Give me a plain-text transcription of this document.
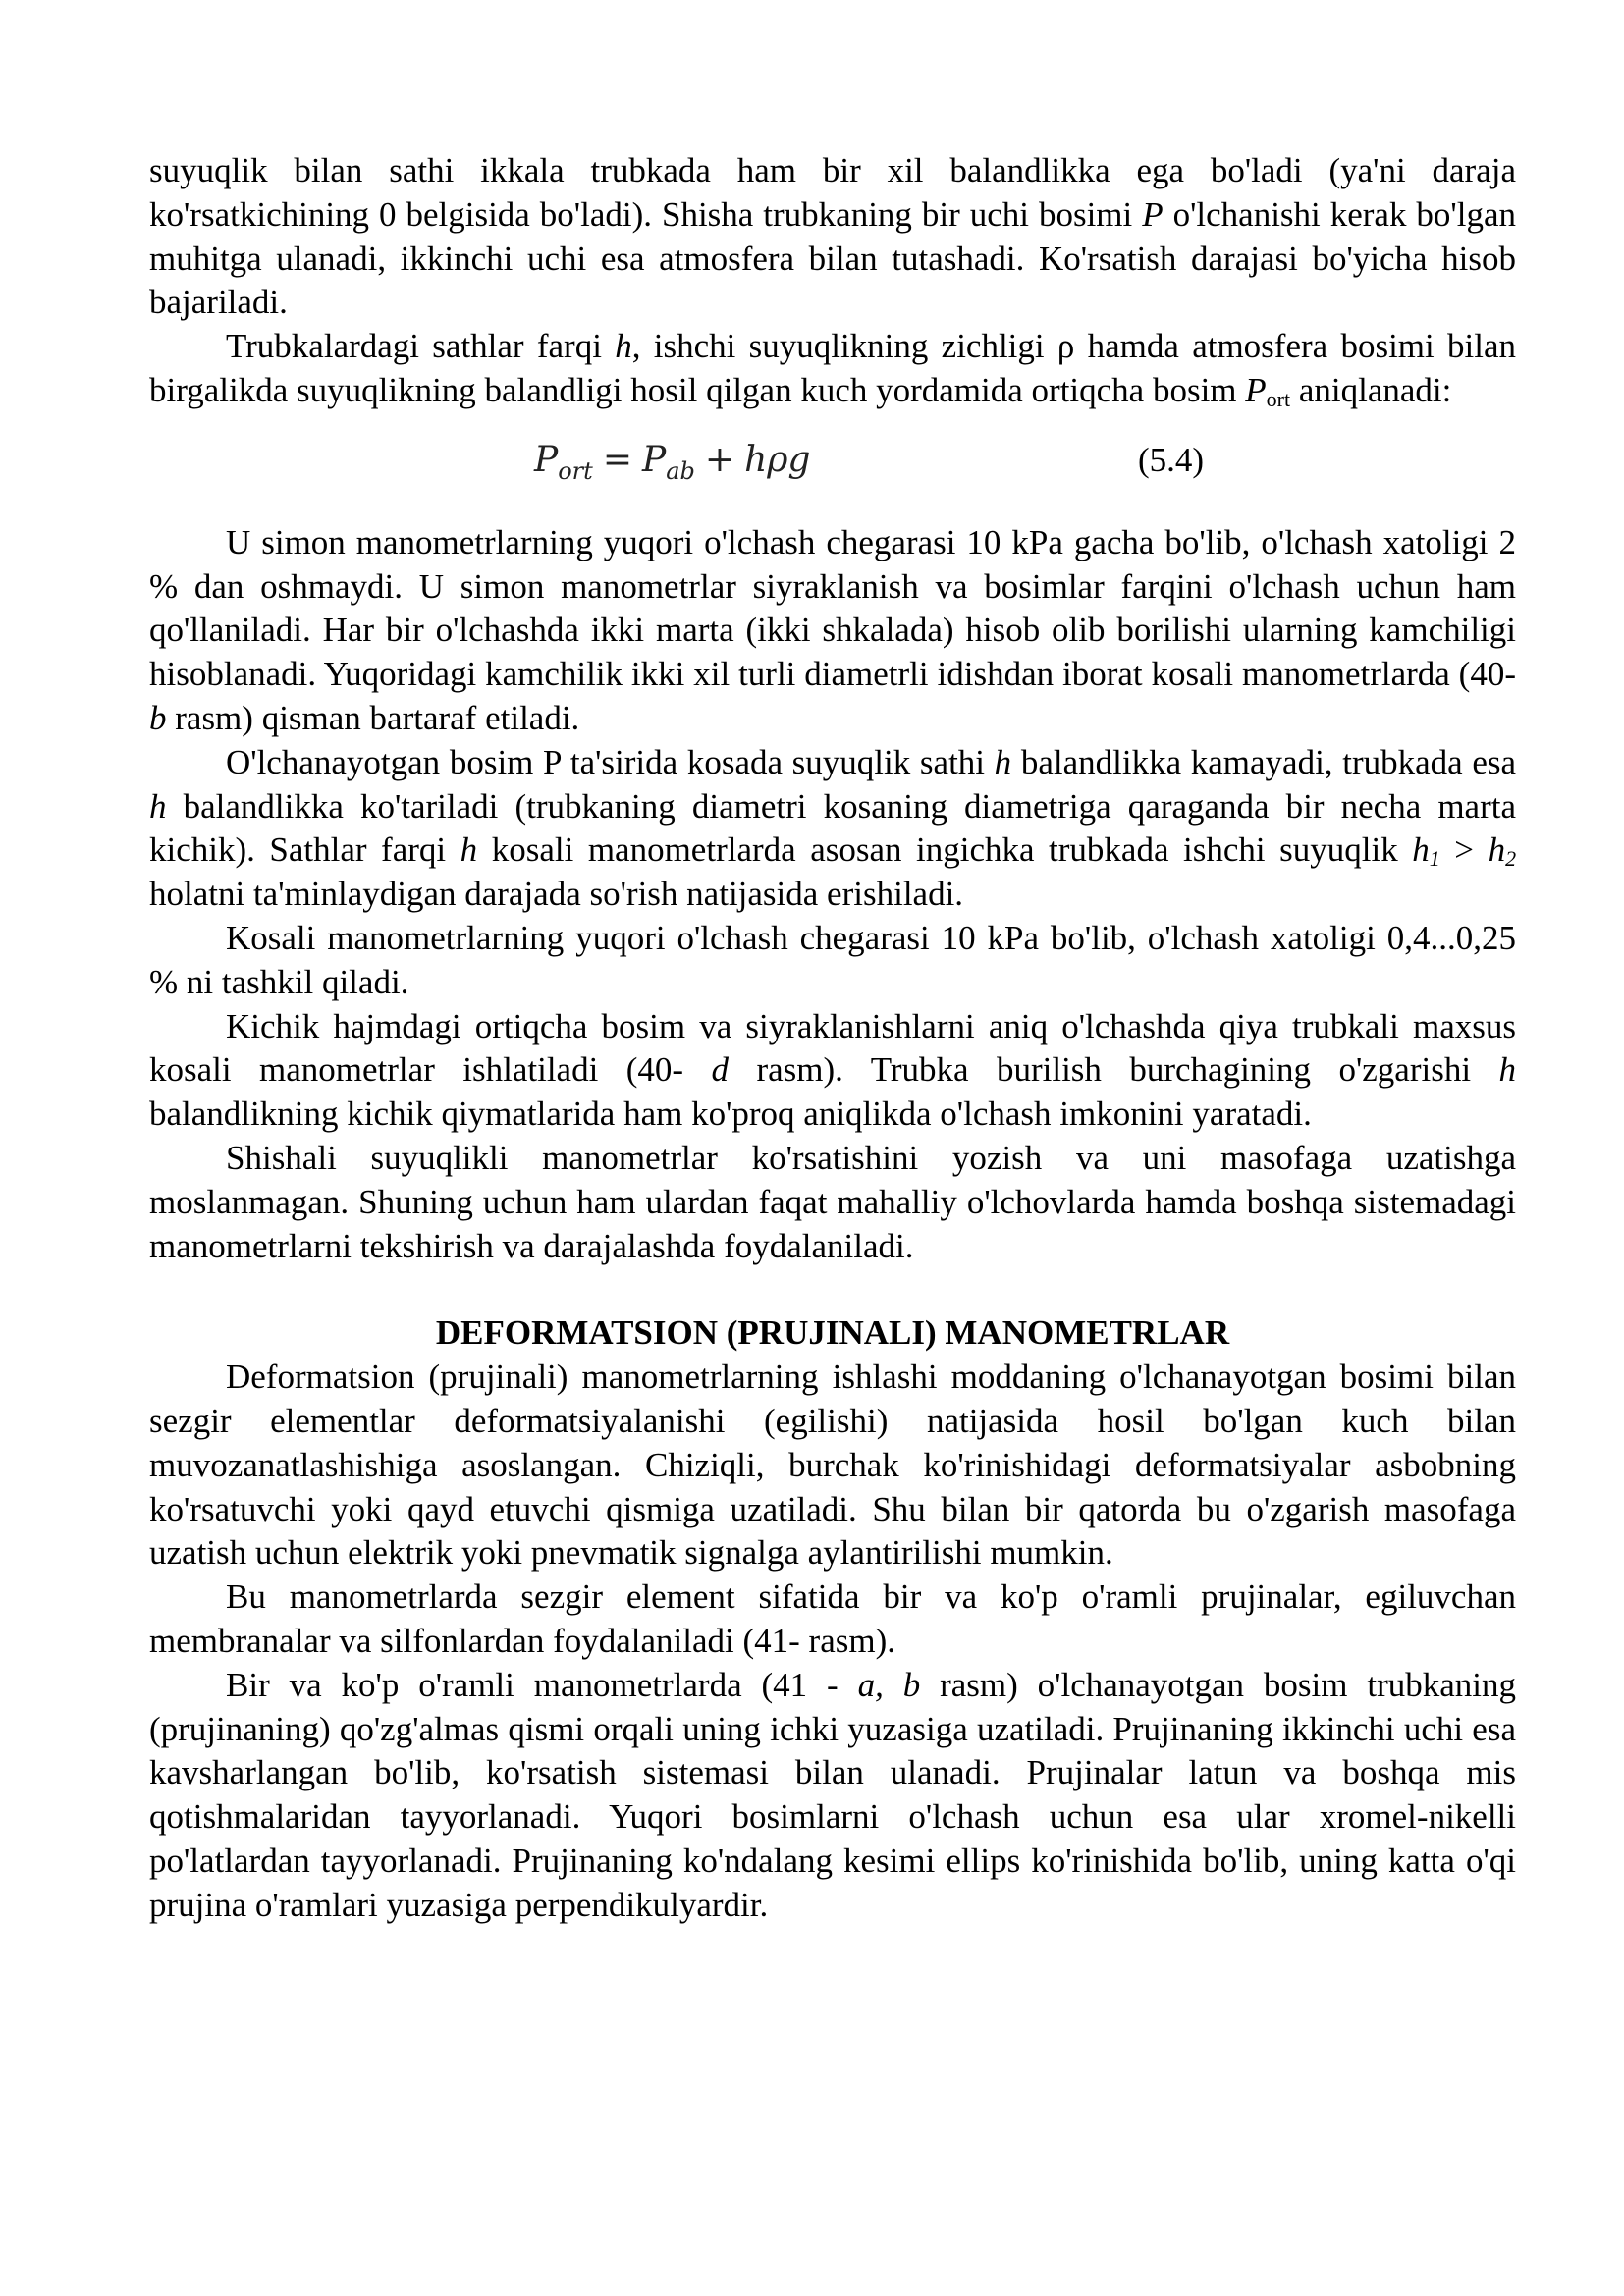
suyuqlik bilan sathi ikkala trubkada ham bir xil balandlikka ega bo'ladi (ya'ni daraja ko'rsatkichining 0 belgisida bo'ladi). Shisha trubkaning bir uchi bosimi P o'lchanishi kerak bo'lgan muhitga ulanadi, ikkinchi uchi esa atmosfera bilan tutashadi. Ko'rsatish darajasi bo'yicha hisob bajariladi.

Trubkalardagi sathlar farqi h, ishchi suyuqlikning zichligi ρ hamda atmosfera bosimi bilan birgalikda suyuqlikning balandligi hosil qilgan kuch yordamida ortiqcha bosim $P_{ort}$ aniqlanadi:

$P_{ort} = P_{ab} + h\rho g$	(5.4)

U simon manometrlarning yuqori o'lchash chegarasi 10 kPa gacha bo'lib, o'lchash xatoligi 2 % dan oshmaydi. U simon manometrlar siyraklanish va bosimlar farqini o'lchash uchun ham qo'llaniladi. Har bir o'lchashda ikki marta (ikki shkalada) hisob olib borilishi ularning kamchiligi hisoblanadi. Yuqoridagi kamchilik ikki xil turli diametrli idishdan iborat kosali manometrlarda (40- b rasm) qisman bartaraf etiladi.

O'lchanayotgan bosim P ta'sirida kosada suyuqlik sathi h balandlikka kamayadi, trubkada esa h balandlikka ko'tariladi (trubkaning diametri kosaning diametriga qaraganda bir necha marta kichik). Sathlar farqi h kosali manometrlarda asosan ingichka trubkada ishchi suyuqlik $h_1 > h_2$ holatni ta'minlaydigan darajada so'rish natijasida erishiladi.

Kosali manometrlarning yuqori o'lchash chegarasi 10 kPa bo'lib, o'lchash xatoligi 0,4...0,25 % ni tashkil qiladi.

Kichik hajmdagi ortiqcha bosim va siyraklanishlarni aniq o'lchashda qiya trubkali maxsus kosali manometrlar ishlatiladi (40- d rasm). Trubka burilish burchagining o'zgarishi h balandlikning kichik qiymatlarida ham ko'proq aniqlikda o'lchash imkonini yaratadi.

Shishali suyuqlikli manometrlar ko'rsatishini yozish va uni masofaga uzatishga moslanmagan. Shuning uchun ham ulardan faqat mahalliy o'lchovlarda hamda boshqa sistemadagi manometrlarni tekshirish va darajalashda foydalaniladi.

DEFORMATSION (PRUJINALI) MANOMETRLAR

Deformatsion (prujinali) manometrlarning ishlashi moddaning o'lchanayotgan bosimi bilan sezgir elementlar deformatsiyalanishi (egilishi) natijasida hosil bo'lgan kuch bilan muvozanatlashishiga asoslangan. Chiziqli, burchak ko'rinishidagi deformatsiyalar asbobning ko'rsatuvchi yoki qayd etuvchi qismiga uzatiladi. Shu bilan bir qatorda bu o'zgarish masofaga uzatish uchun elektrik yoki pnevmatik signalga aylantirilishi mumkin.

Bu manometrlarda sezgir element sifatida bir va ko'p o'ramli prujinalar, egiluvchan membranalar va silfonlardan foydalaniladi (41- rasm).

Bir va ko'p o'ramli manometrlarda (41 - a, b rasm) o'lchanayotgan bosim trubkaning (prujinaning) qo'zg'almas qismi orqali uning ichki yuzasiga uzatiladi. Prujinaning ikkinchi uchi esa kavsharlangan bo'lib, ko'rsatish sistemasi bilan ulanadi. Prujinalar latun va boshqa mis qotishmalaridan tayyorlanadi. Yuqori bosimlarni o'lchash uchun esa ular xromel-nikelli po'latlardan tayyorlanadi. Prujinaning ko'ndalang kesimi ellips ko'rinishida bo'lib, uning katta o'qi prujina o'ramlari yuzasiga perpendikulyardir.
